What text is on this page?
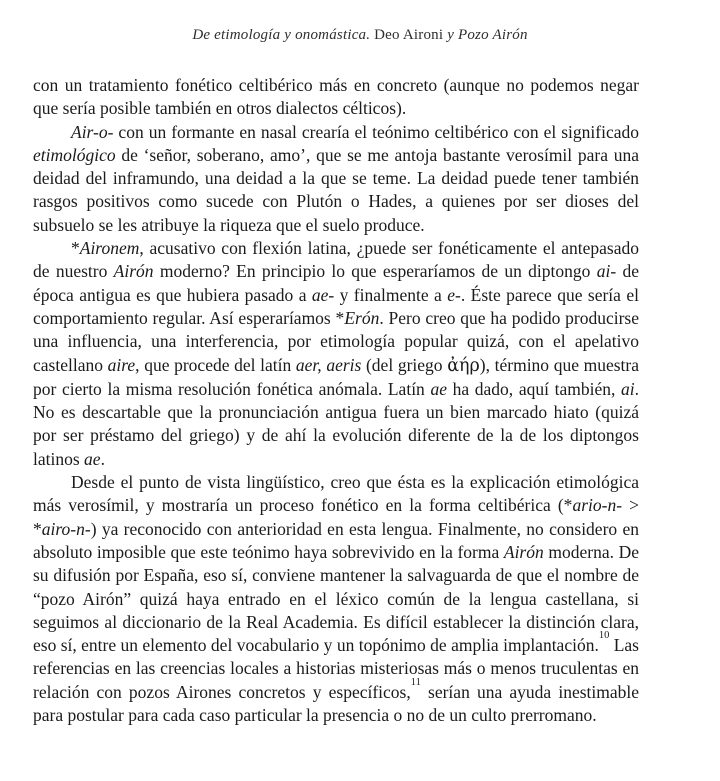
De etimología y onomástica. Deo Aironi y Pozo Airón

con un tratamiento fonético celtibérico más en concreto (aunque no podemos negar que sería posible también en otros dialectos célticos).

Air-o- con un formante en nasal crearía el teónimo celtibérico con el significado etimológico de ‘señor, soberano, amo’, que se me antoja bastante verosímil para una deidad del inframundo, una deidad a la que se teme. La deidad puede tener también rasgos positivos como sucede con Plutón o Hades, a quienes por ser dioses del subsuelo se les atribuye la riqueza que el suelo produce.

*Aironem, acusativo con flexión latina, ¿puede ser fonéticamente el antepasado de nuestro Airón moderno? En principio lo que esperaríamos de un diptongo ai- de época antigua es que hubiera pasado a ae- y finalmente a e-. Éste parece que sería el comportamiento regular. Así esperaríamos *Erón. Pero creo que ha podido producirse una influencia, una interferencia, por etimología popular quizá, con el apelativo castellano aire, que procede del latín aer, aeris (del griego ἀήρ), término que muestra por cierto la misma resolución fonética anómala. Latín ae ha dado, aquí también, ai. No es descartable que la pronunciación antigua fuera un bien marcado hiato (quizá por ser préstamo del griego) y de ahí la evolución diferente de la de los diptongos latinos ae.

Desde el punto de vista lingüístico, creo que ésta es la explicación etimológica más verosímil, y mostraría un proceso fonético en la forma celtibérica (*ario-n- > *airo-n-) ya reconocido con anterioridad en esta lengua. Finalmente, no considero en absoluto imposible que este teónimo haya sobrevivido en la forma Airón moderna. De su difusión por España, eso sí, conviene mantener la salvaguarda de que el nombre de “pozo Airón” quizá haya entrado en el léxico común de la lengua castellana, si seguimos al diccionario de la Real Academia. Es difícil establecer la distinción clara, eso sí, entre un elemento del vocabulario y un topónimo de amplia implantación.$^{10}$ Las referencias en las creencias locales a historias misteriosas más o menos truculentas en relación con pozos Airones concretos y específicos,$^{11}$ serían una ayuda inestimable para postular para cada caso particular la presencia o no de un culto prerromano.
